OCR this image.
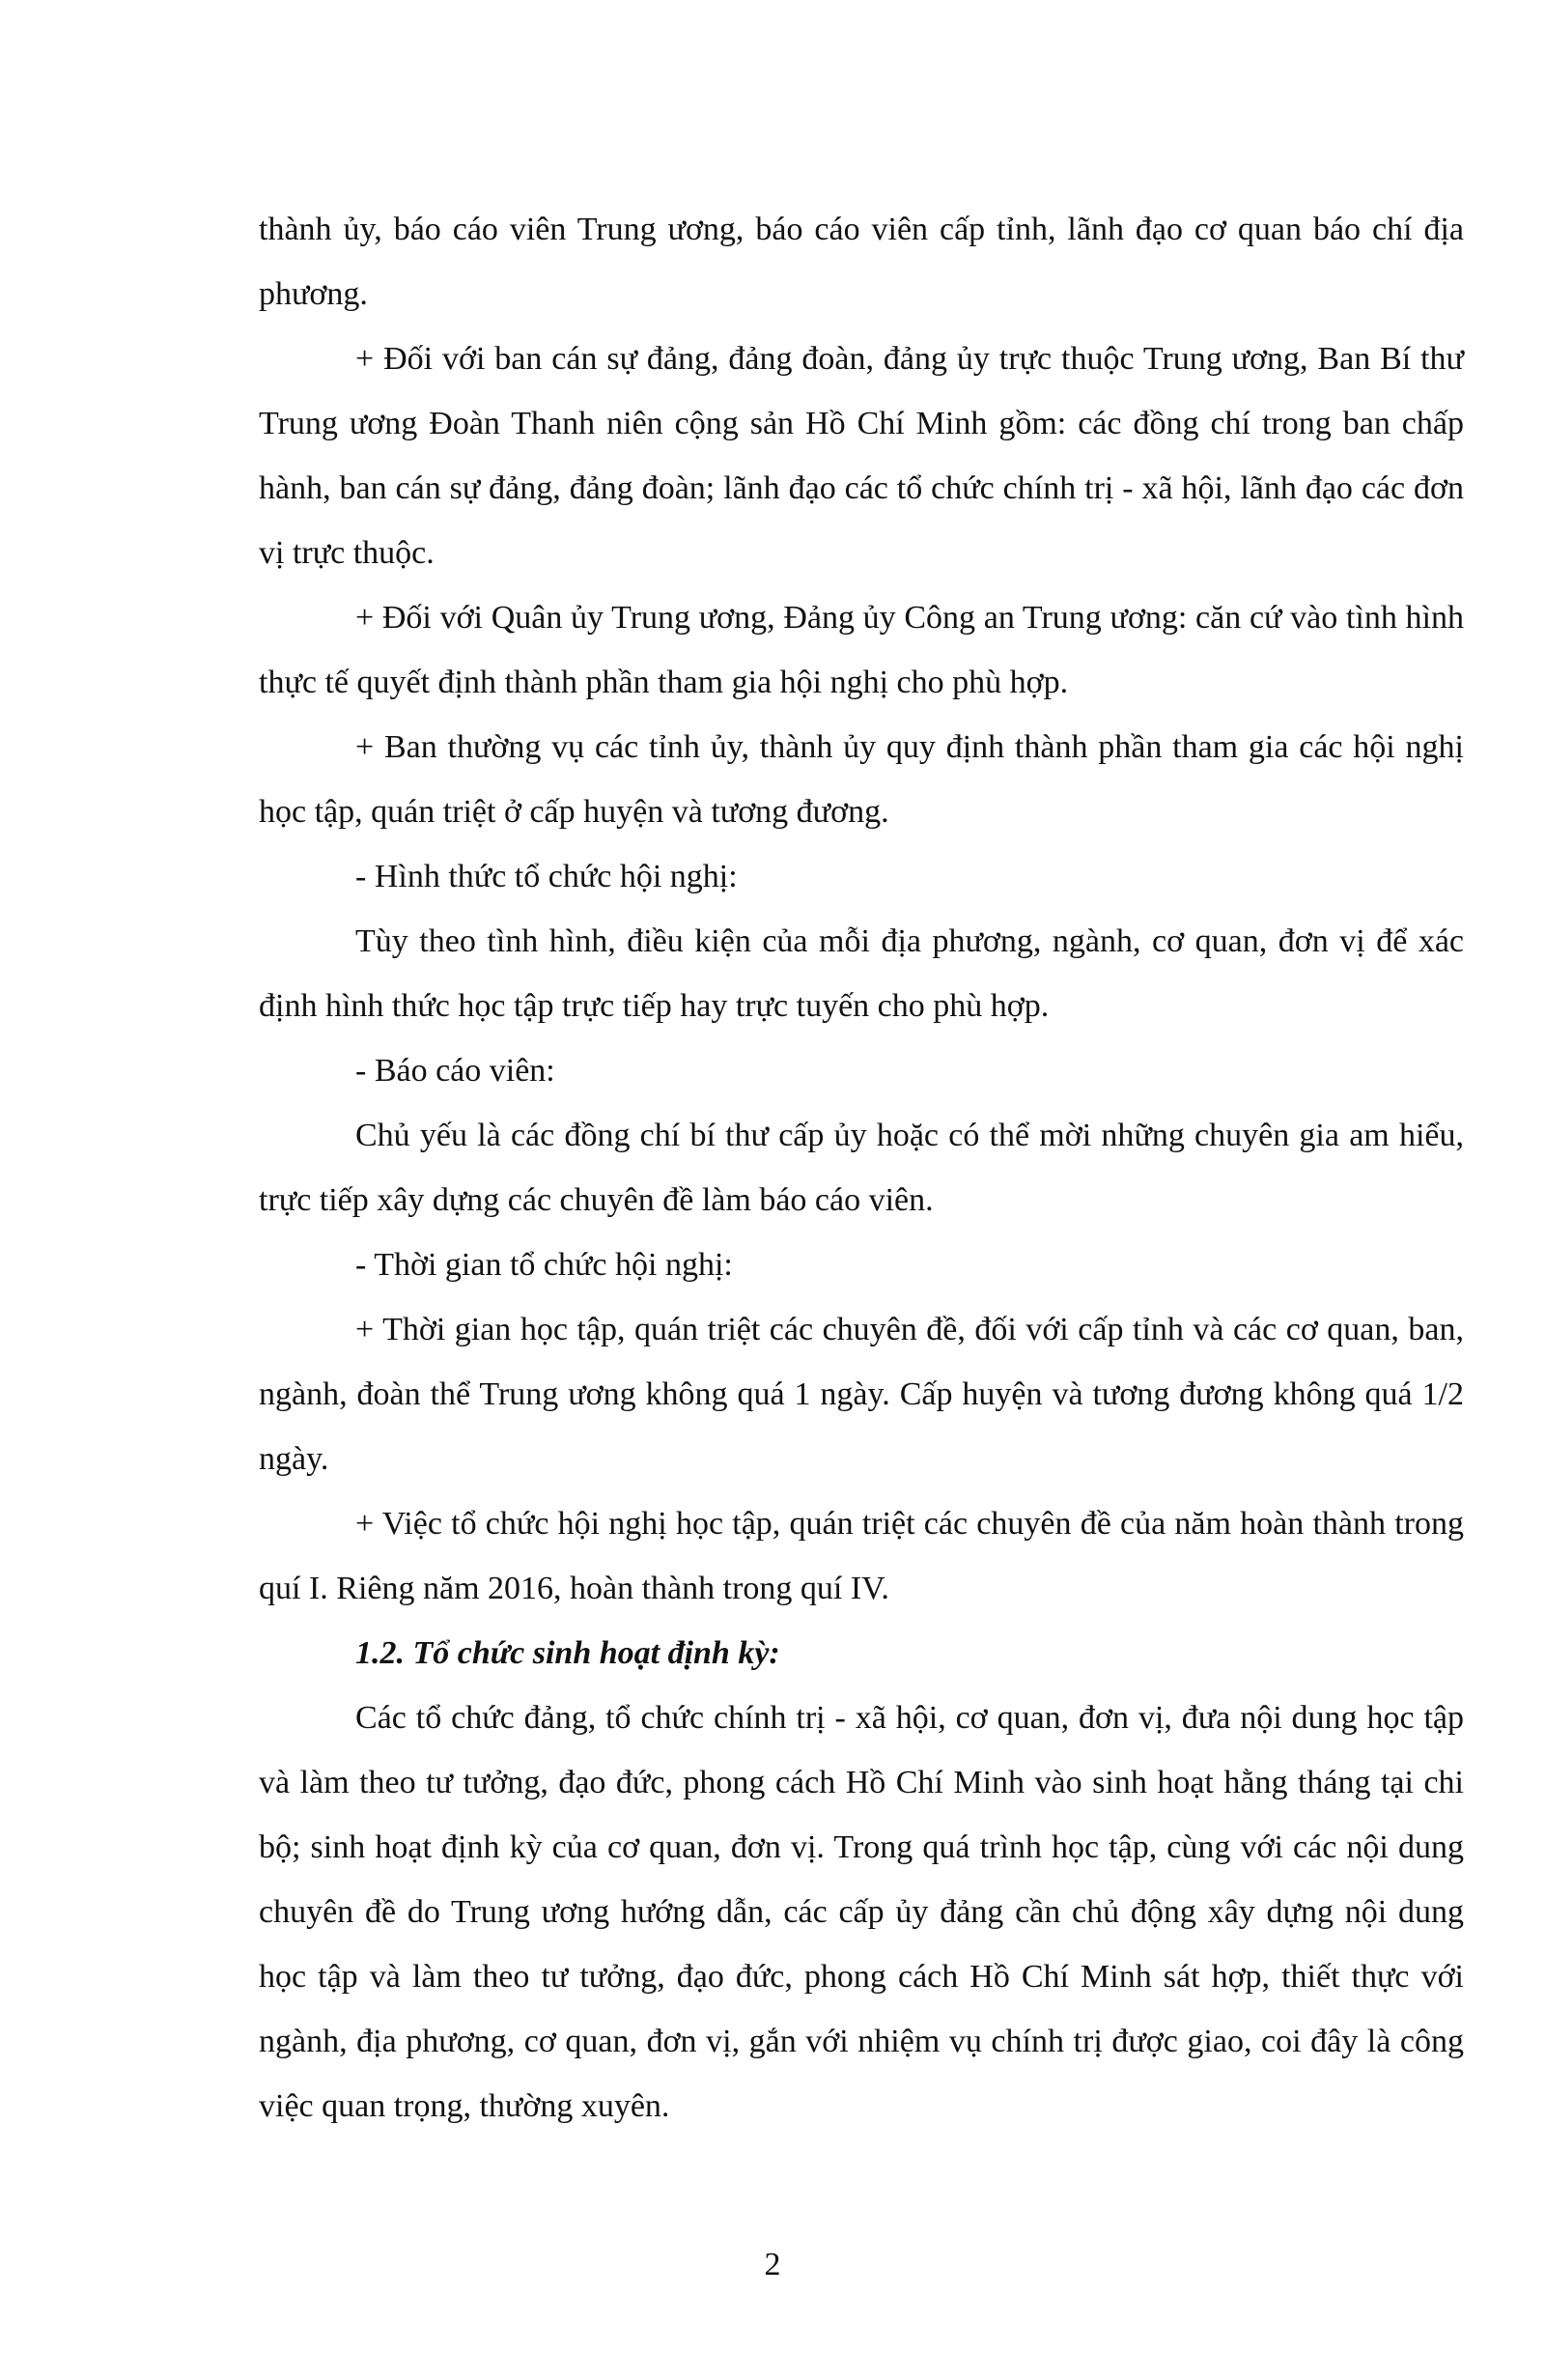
thành ủy, báo cáo viên Trung ương, báo cáo viên cấp tỉnh, lãnh đạo cơ quan báo chí địa phương.

+ Đối với ban cán sự đảng, đảng đoàn, đảng ủy trực thuộc Trung ương, Ban Bí thư Trung ương Đoàn Thanh niên cộng sản Hồ Chí Minh gồm: các đồng chí trong ban chấp hành, ban cán sự đảng, đảng đoàn; lãnh đạo các tổ chức chính trị - xã hội, lãnh đạo các đơn vị trực thuộc.

+ Đối với Quân ủy Trung ương, Đảng ủy Công an Trung ương: căn cứ vào tình hình thực tế quyết định thành phần tham gia hội nghị cho phù hợp.

+ Ban thường vụ các tỉnh ủy, thành ủy quy định thành phần tham gia các hội nghị học tập, quán triệt ở cấp huyện và tương đương.

- Hình thức tổ chức hội nghị:

Tùy theo tình hình, điều kiện của mỗi địa phương, ngành, cơ quan, đơn vị để xác định hình thức học tập trực tiếp hay trực tuyến cho phù hợp.

- Báo cáo viên:

Chủ yếu là các đồng chí bí thư cấp ủy hoặc có thể mời những chuyên gia am hiểu, trực tiếp xây dựng các chuyên đề làm báo cáo viên.

- Thời gian tổ chức hội nghị:

+ Thời gian học tập, quán triệt các chuyên đề, đối với cấp tỉnh và các cơ quan, ban, ngành, đoàn thể Trung ương không quá 1 ngày. Cấp huyện và tương đương không quá 1/2 ngày.

+ Việc tổ chức hội nghị học tập, quán triệt các chuyên đề của năm hoàn thành trong quí I. Riêng năm 2016, hoàn thành trong quí IV.

1.2. Tổ chức sinh hoạt định kỳ:

Các tổ chức đảng, tổ chức chính trị - xã hội, cơ quan, đơn vị, đưa nội dung học tập và làm theo tư tưởng, đạo đức, phong cách Hồ Chí Minh vào sinh hoạt hằng tháng tại chi bộ; sinh hoạt định kỳ của cơ quan, đơn vị. Trong quá trình học tập, cùng với các nội dung chuyên đề do Trung ương hướng dẫn, các cấp ủy đảng cần chủ động xây dựng nội dung học tập và làm theo tư tưởng, đạo đức, phong cách Hồ Chí Minh sát hợp, thiết thực với ngành, địa phương, cơ quan, đơn vị, gắn với nhiệm vụ chính trị được giao, coi đây là công việc quan trọng, thường xuyên.

2
